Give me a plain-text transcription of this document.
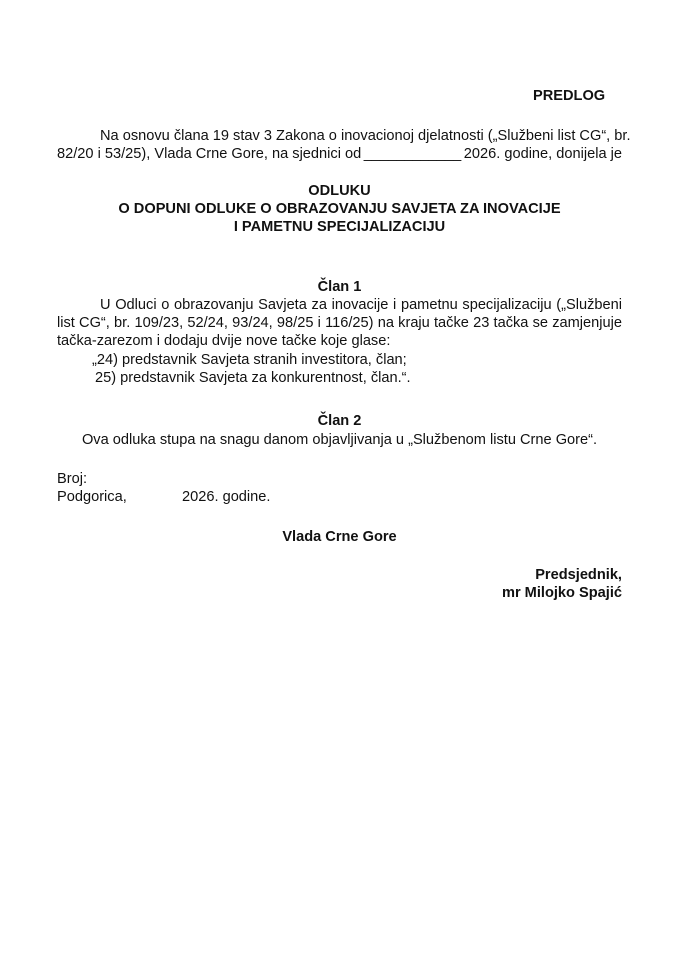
PREDLOG
Na osnovu člana 19 stav 3 Zakona o inovacionoj djelatnosti („Službeni list CG“, br.
82/20 i 53/25), Vlada Crne Gore, na sjednici od ____________ 2026. godine, donijela je
ODLUKU
O DOPUNI ODLUKE O OBRAZOVANJU SAVJETA ZA INOVACIJE
I PAMETNU SPECIJALIZACIJU
Član 1
U Odluci o obrazovanju Savjeta za inovacije i pametnu specijalizaciju („Službeni
list CG“, br. 109/23, 52/24, 93/24, 98/25 i 116/25) na kraju tačke 23 tačka se zamjenjuje
tačka-zarezom i dodaju dvije nove tačke koje glase:
„24) predstavnik Savjeta stranih investitora, član;
25) predstavnik Savjeta za konkurentnost, član.“.
Član 2
Ova odluka stupa na snagu danom objavljivanja u „Službenom listu Crne Gore“.
Broj:
Podgorica,	2026. godine.
Vlada Crne Gore
Predsjednik,
mr Milojko Spajić
